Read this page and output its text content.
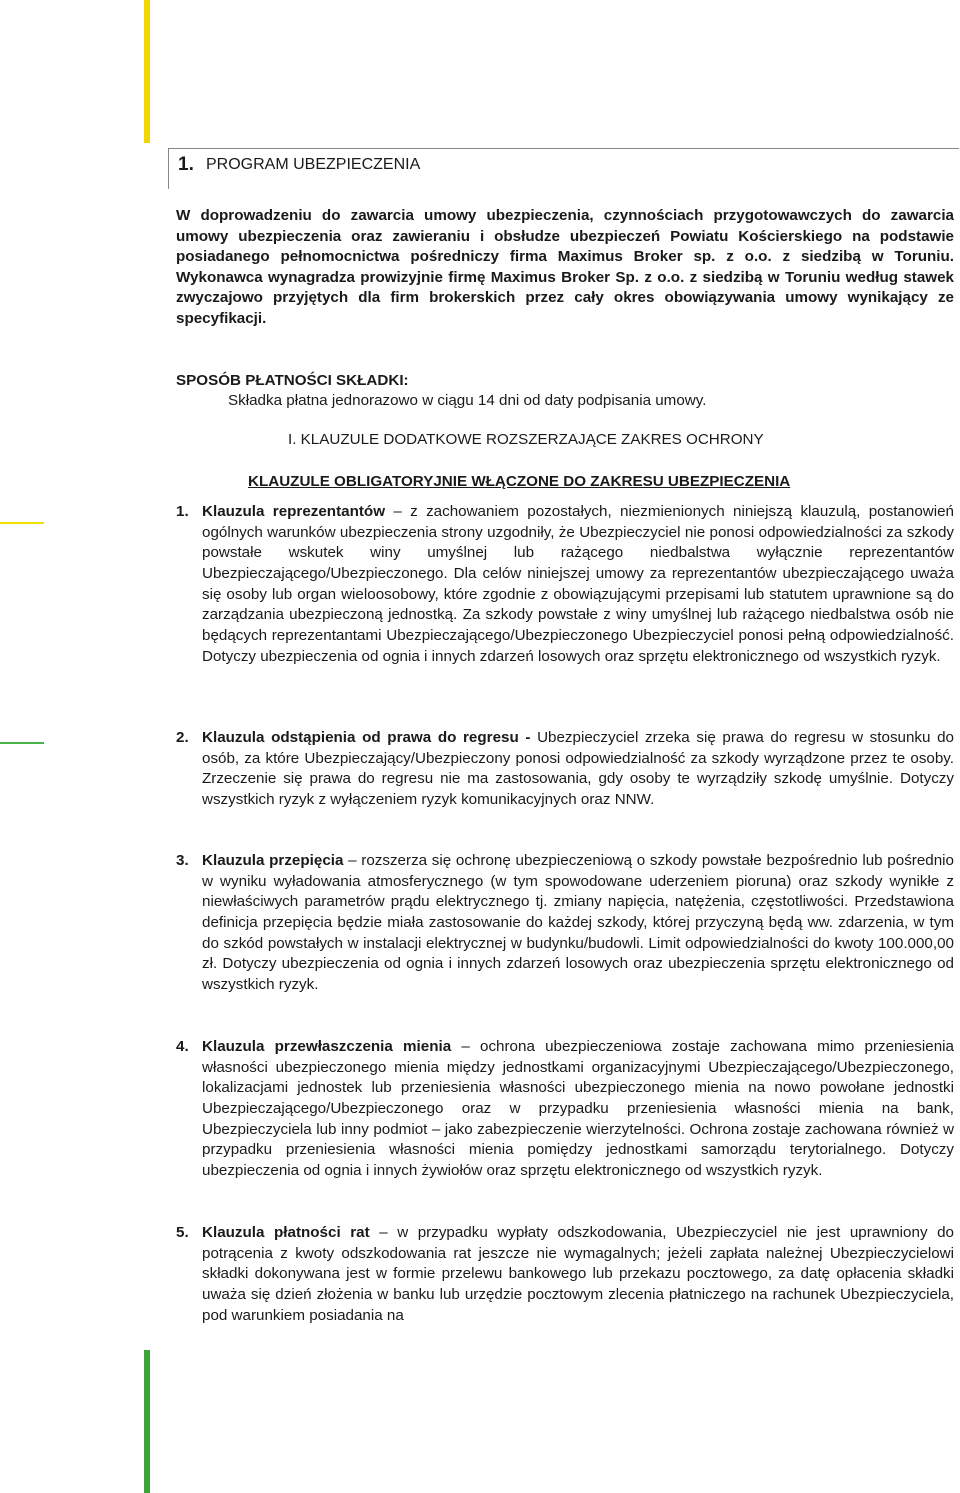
1. PROGRAM UBEZPIECZENIA
W doprowadzeniu do zawarcia umowy ubezpieczenia, czynnościach przygotowawczych do zawarcia umowy ubezpieczenia oraz zawieraniu i obsłudze ubezpieczeń Powiatu Kościerskiego na podstawie posiadanego pełnomocnictwa pośredniczy firma Maximus Broker sp. z o.o. z siedzibą w Toruniu. Wykonawca wynagradza prowizyjnie firmę Maximus Broker Sp. z o.o. z siedzibą w Toruniu według stawek zwyczajowo przyjętych dla firm brokerskich przez cały okres obowiązywania umowy wynikający ze specyfikacji.
SPOSÓB PŁATNOŚCI SKŁADKI:
Składka płatna jednorazowo w ciągu 14 dni od daty podpisania umowy.
I. KLAUZULE DODATKOWE ROZSZERZAJĄCE ZAKRES OCHRONY
KLAUZULE OBLIGATORYJNIE WŁĄCZONE DO ZAKRESU UBEZPIECZENIA
1. Klauzula reprezentantów – z zachowaniem pozostałych, niezmienionych niniejszą klauzulą, postanowień ogólnych warunków ubezpieczenia strony uzgodniły, że Ubezpieczyciel nie ponosi odpowiedzialności za szkody powstałe wskutek winy umyślnej lub rażącego niedbalstwa wyłącznie reprezentantów Ubezpieczającego/Ubezpieczonego. Dla celów niniejszej umowy za reprezentantów ubezpieczającego uważa się osoby lub organ wieloosobowy, które zgodnie z obowiązującymi przepisami lub statutem uprawnione są do zarządzania ubezpieczoną jednostką. Za szkody powstałe z winy umyślnej lub rażącego niedbalstwa osób nie będących reprezentantami Ubezpieczającego/Ubezpieczonego Ubezpieczyciel ponosi pełną odpowiedzialność. Dotyczy ubezpieczenia od ognia i innych zdarzeń losowych oraz sprzętu elektronicznego od wszystkich ryzyk.
2. Klauzula odstąpienia od prawa do regresu - Ubezpieczyciel zrzeka się prawa do regresu w stosunku do osób, za które Ubezpieczający/Ubezpieczony ponosi odpowiedzialność za szkody wyrządzone przez te osoby. Zrzeczenie się prawa do regresu nie ma zastosowania, gdy osoby te wyrządziły szkodę umyślnie. Dotyczy wszystkich ryzyk z wyłączeniem ryzyk komunikacyjnych oraz NNW.
3. Klauzula przepięcia – rozszerza się ochronę ubezpieczeniową o szkody powstałe bezpośrednio lub pośrednio w wyniku wyładowania atmosferycznego (w tym spowodowane uderzeniem pioruna) oraz szkody wynikłe z niewłaściwych parametrów prądu elektrycznego tj. zmiany napięcia, natężenia, częstotliwości. Przedstawiona definicja przepięcia będzie miała zastosowanie do każdej szkody, której przyczyną będą ww. zdarzenia, w tym do szkód powstałych w instalacji elektrycznej w budynku/budowli. Limit odpowiedzialności do kwoty 100.000,00 zł. Dotyczy ubezpieczenia od ognia i innych zdarzeń losowych oraz ubezpieczenia sprzętu elektronicznego od wszystkich ryzyk.
4. Klauzula przewłaszczenia mienia – ochrona ubezpieczeniowa zostaje zachowana mimo przeniesienia własności ubezpieczonego mienia między jednostkami organizacyjnymi Ubezpieczającego/Ubezpieczonego, lokalizacjami jednostek lub przeniesienia własności ubezpieczonego mienia na nowo powołane jednostki Ubezpieczającego/Ubezpieczonego oraz w przypadku przeniesienia własności mienia na bank, Ubezpieczyciela lub inny podmiot – jako zabezpieczenie wierzytelności. Ochrona zostaje zachowana również w przypadku przeniesienia własności mienia pomiędzy jednostkami samorządu terytorialnego. Dotyczy ubezpieczenia od ognia i innych żywiołów oraz sprzętu elektronicznego od wszystkich ryzyk.
5. Klauzula płatności rat – w przypadku wypłaty odszkodowania, Ubezpieczyciel nie jest uprawniony do potrącenia z kwoty odszkodowania rat jeszcze nie wymagalnych; jeżeli zapłata należnej Ubezpieczycielowi składki dokonywana jest w formie przelewu bankowego lub przekazu pocztowego, za datę opłacenia składki uważa się dzień złożenia w banku lub urzędzie pocztowym zlecenia płatniczego na rachunek Ubezpieczyciela, pod warunkiem posiadania na
